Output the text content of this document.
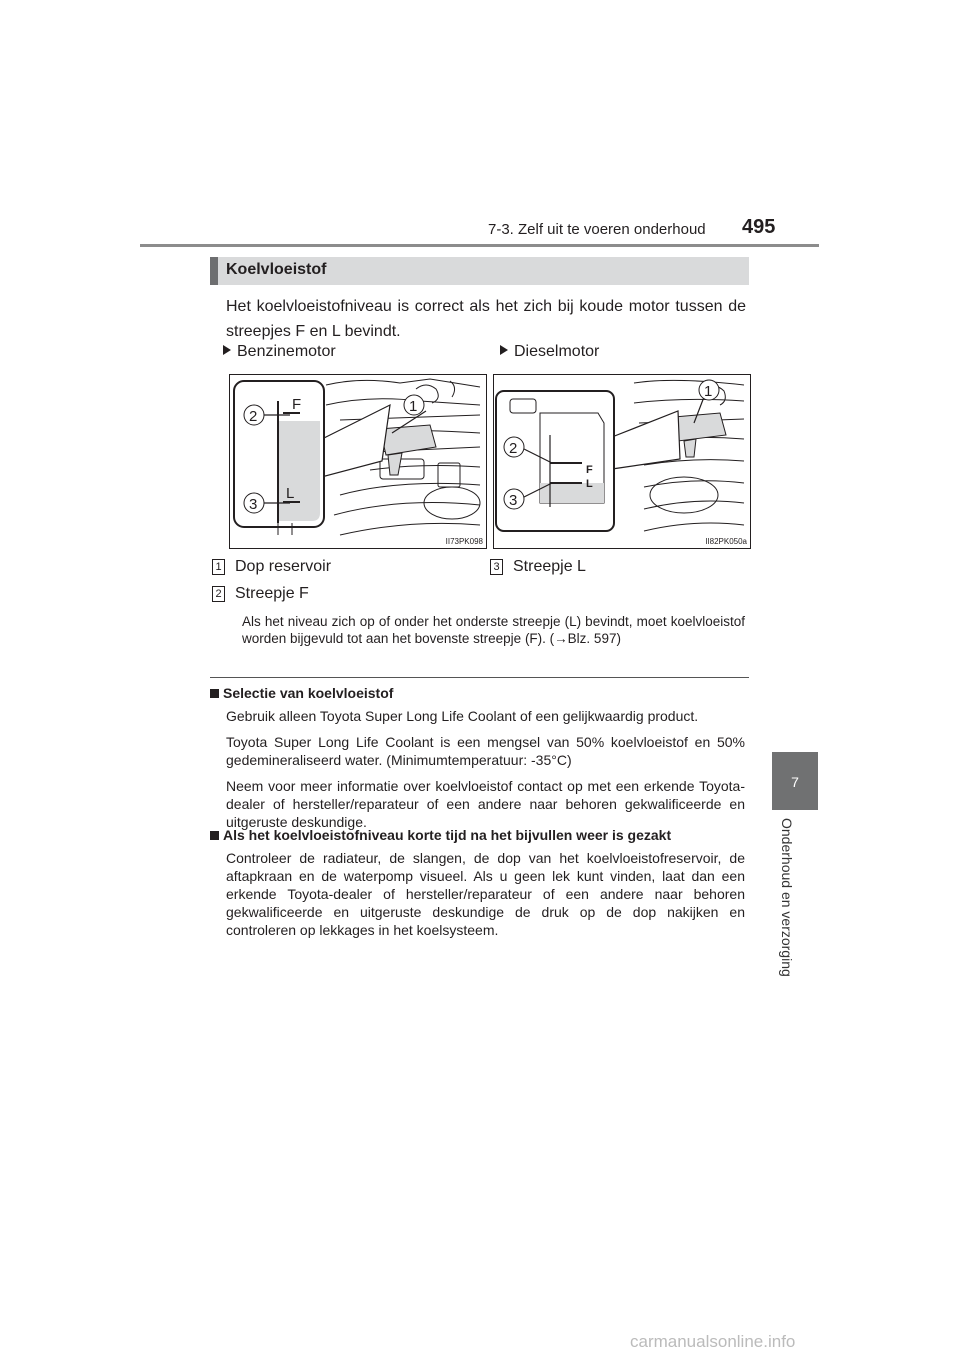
7-3. Zelf uit te voeren onderhoud 495
7
Onderhoud en verzorging
Koelvloeistof
Het koelvloeistofniveau is correct als het zich bij koude motor tussen de streepjes F en L bevindt.
Benzinemotor	Dieselmotor
F
L
2
3
1
II73PK098
F
L
2
3
1
II82PK050a
1 Dop reservoir	3 Streepje L
2 Streepje F
Als het niveau zich op of onder het onderste streepje (L) bevindt, moet koelvloeistof worden bijgevuld tot aan het bovenste streepje (F). (→Blz. 597)
Selectie van koelvloeistof
Gebruik alleen Toyota Super Long Life Coolant of een gelijkwaardig product.
Toyota Super Long Life Coolant is een mengsel van 50% koelvloeistof en 50% gedemineraliseerd water. (Minimumtemperatuur: -35°C)
Neem voor meer informatie over koelvloeistof contact op met een erkende Toyota-dealer of hersteller/reparateur of een andere naar behoren gekwalificeerde en uitgeruste deskundige.
Als het koelvloeistofniveau korte tijd na het bijvullen weer is gezakt
Controleer de radiateur, de slangen, de dop van het koelvloeistofreservoir, de aftapkraan en de waterpomp visueel. Als u geen lek kunt vinden, laat dan een erkende Toyota-dealer of hersteller/reparateur of een andere naar behoren gekwalificeerde en uitgeruste deskundige de druk op de dop nakijken en controleren op lekkages in het koelsysteem.
carmanualsonline.info
